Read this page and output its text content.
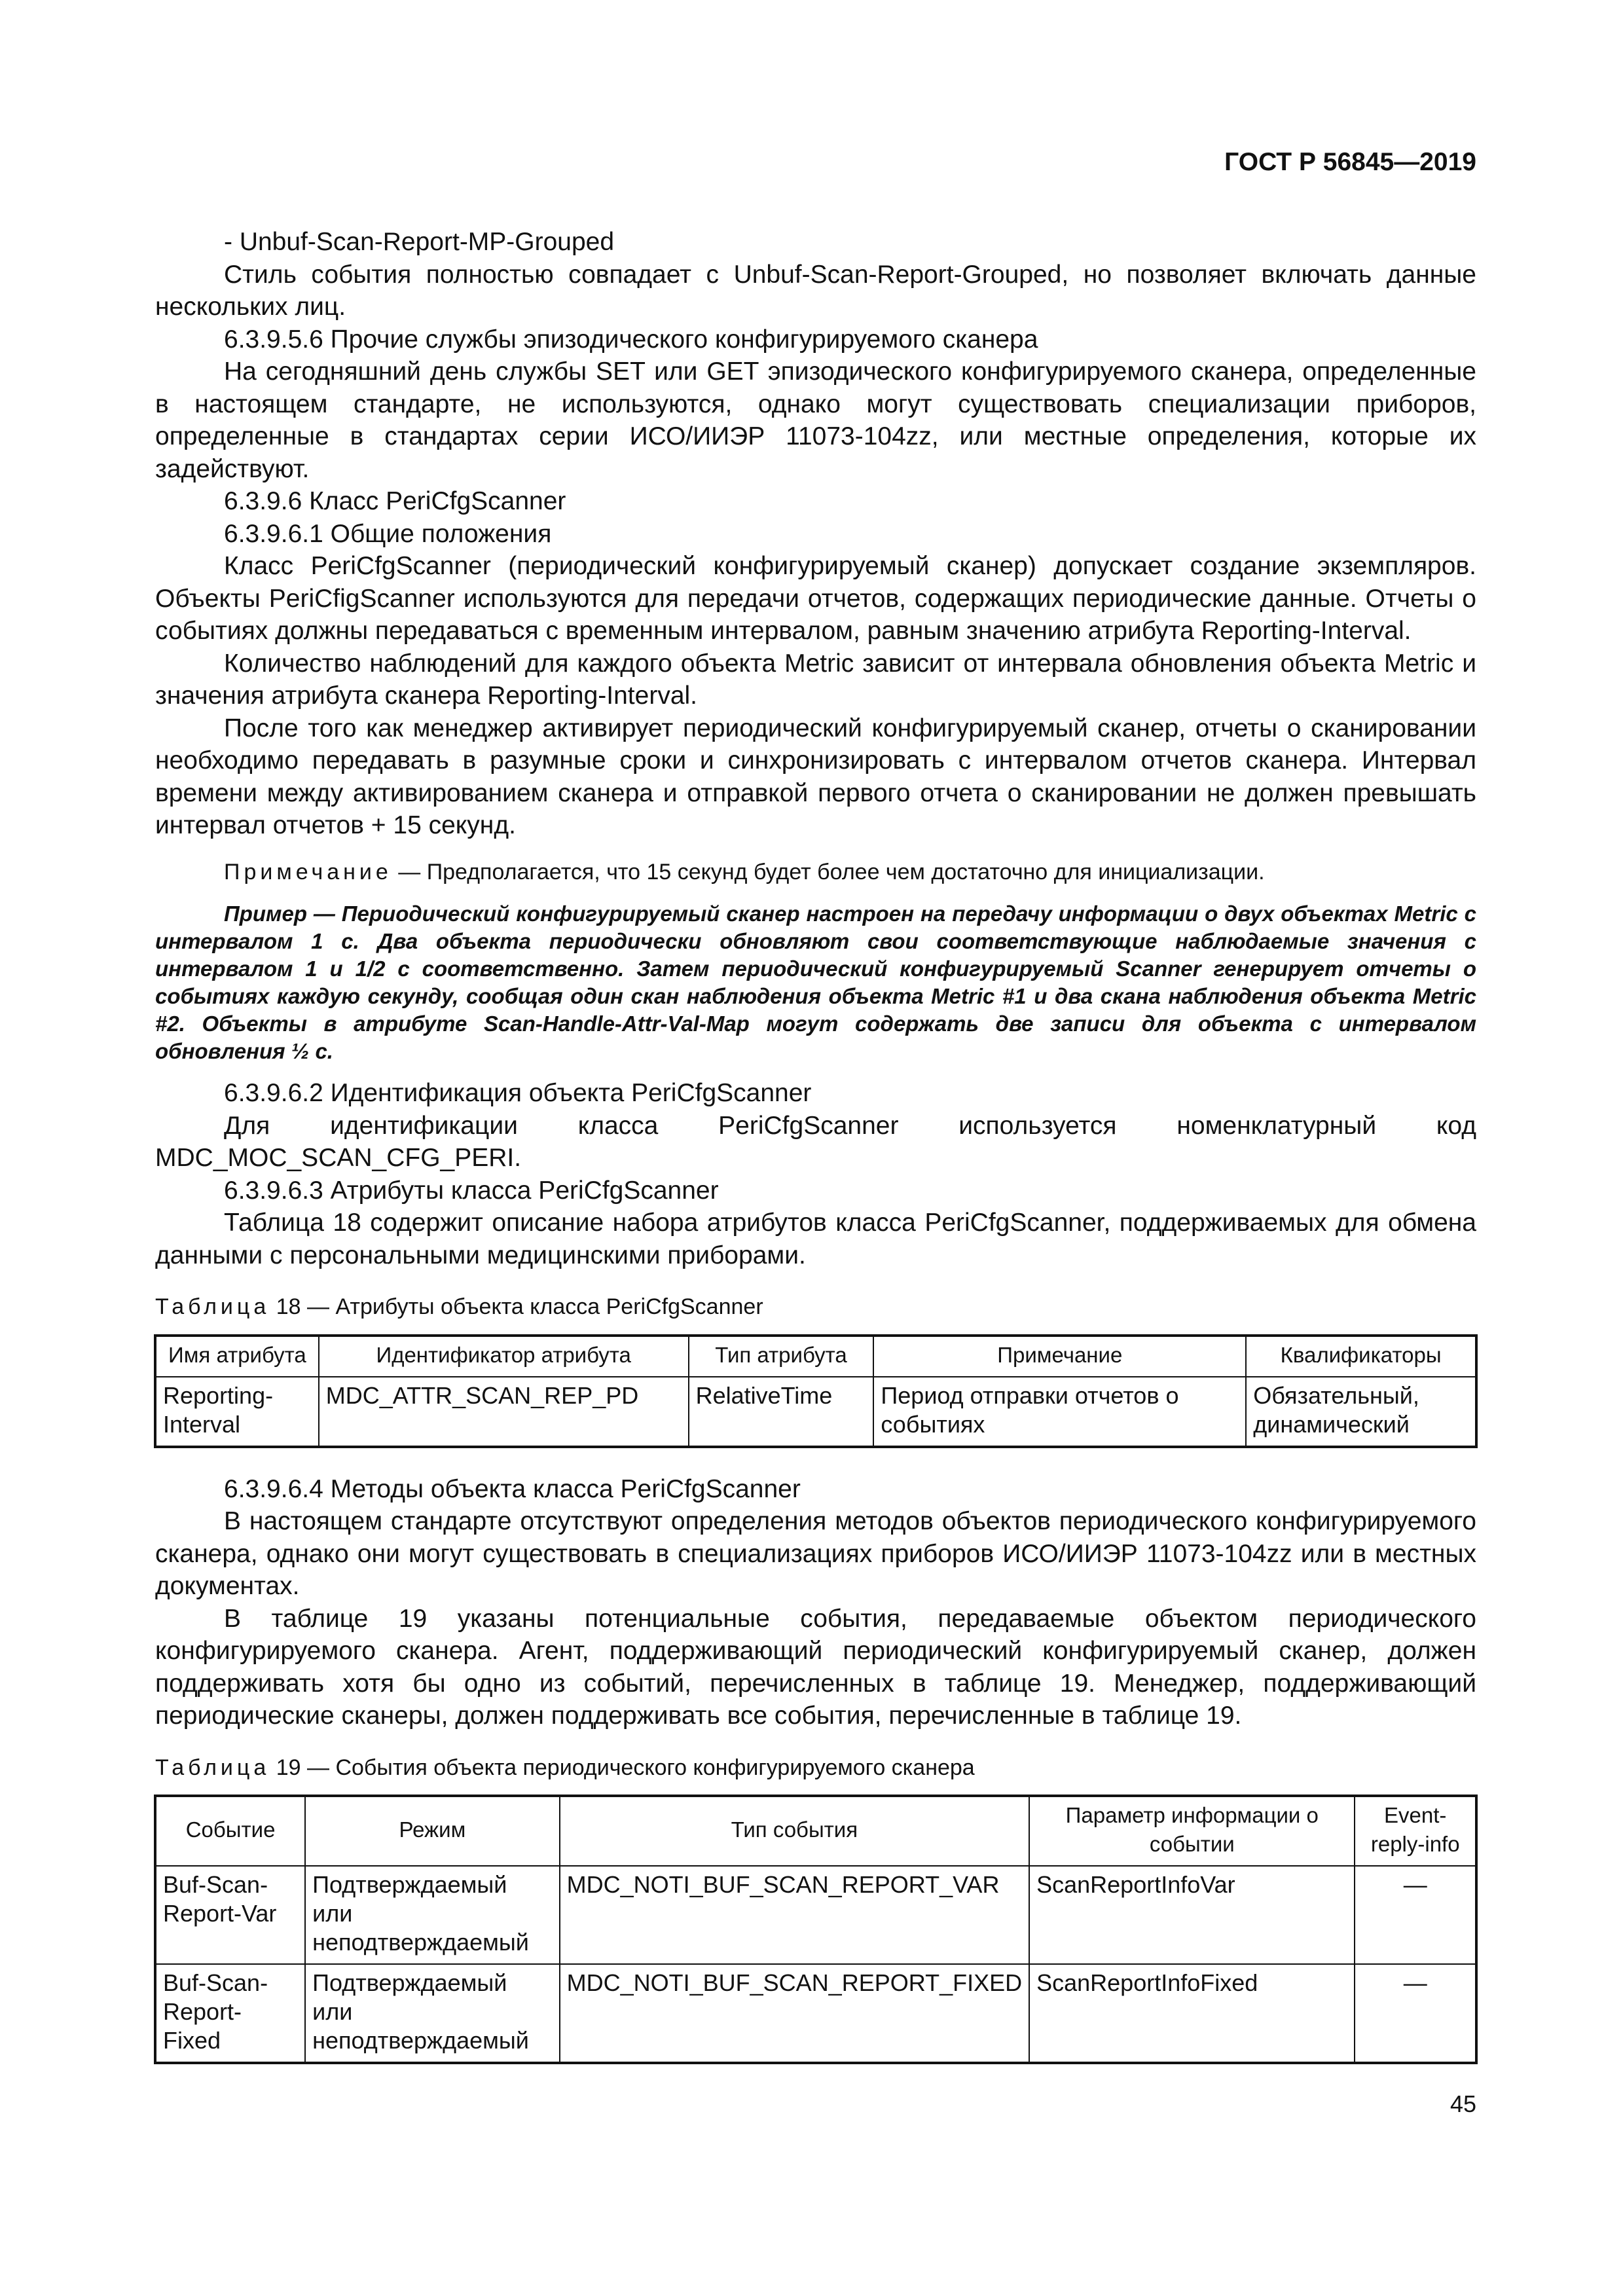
ГОСТ Р 56845—2019

- Unbuf-Scan-Report-MP-Grouped

Стиль события полностью совпадает с Unbuf-Scan-Report-Grouped, но позволяет включать данные нескольких лиц.

6.3.9.5.6 Прочие службы эпизодического конфигурируемого сканера

На сегодняшний день службы SET или GET эпизодического конфигурируемого сканера, определенные в настоящем стандарте, не используются, однако могут существовать специализации приборов, определенные в стандартах серии ИСО/ИИЭР 11073-104zz, или местные определения, которые их задействуют.

6.3.9.6 Класс PeriCfgScanner

6.3.9.6.1 Общие положения

Класс PeriCfgScanner (периодический конфигурируемый сканер) допускает создание экземпляров. Объекты PeriCfigScanner используются для передачи отчетов, содержащих периодические данные. Отчеты о событиях должны передаваться с временным интервалом, равным значению атрибута Reporting-Interval.

Количество наблюдений для каждого объекта Metric зависит от интервала обновления объекта Metric и значения атрибута сканера Reporting-Interval.

После того как менеджер активирует периодический конфигурируемый сканер, отчеты о сканировании необходимо передавать в разумные сроки и синхронизировать с интервалом отчетов сканера. Интервал времени между активированием сканера и отправкой первого отчета о сканировании не должен превышать интервал отчетов + 15 секунд.

Примечание — Предполагается, что 15 секунд будет более чем достаточно для инициализации.

Пример — Периодический конфигурируемый сканер настроен на передачу информации о двух объектах Metric с интервалом 1 с. Два объекта периодически обновляют свои соответствующие наблюдаемые значения с интервалом 1 и 1/2 с соответственно. Затем периодический конфигурируемый Scanner генерирует отчеты о событиях каждую секунду, сообщая один скан наблюдения объекта Metric #1 и два скана наблюдения объекта Metric #2. Объекты в атрибуте Scan-Handle-Attr-Val-Map могут содержать две записи для объекта с интервалом обновления ½ с.

6.3.9.6.2 Идентификация объекта PeriCfgScanner

Для идентификации класса PeriCfgScanner используется номенклатурный код MDC_MOC_SCAN_CFG_PERI.

6.3.9.6.3 Атрибуты класса PeriCfgScanner

Таблица 18 содержит описание набора атрибутов класса PeriCfgScanner, поддерживаемых для обмена данными с персональными медицинскими приборами.

Таблица 18 — Атрибуты объекта класса PeriCfgScanner

Имя атрибута	Идентификатор атрибута	Тип атрибута	Примечание	Квалификаторы
Reporting-Interval	MDC_ATTR_SCAN_REP_PD	RelativeTime	Период отправки отчетов о событиях	Обязательный, динамический

6.3.9.6.4 Методы объекта класса PeriCfgScanner

В настоящем стандарте отсутствуют определения методов объектов периодического конфигурируемого сканера, однако они могут существовать в специализациях приборов ИСО/ИИЭР 11073-104zz или в местных документах.

В таблице 19 указаны потенциальные события, передаваемые объектом периодического конфигурируемого сканера. Агент, поддерживающий периодический конфигурируемый сканер, должен поддерживать хотя бы одно из событий, перечисленных в таблице 19. Менеджер, поддерживающий периодические сканеры, должен поддерживать все события, перечисленные в таблице 19.

Таблица 19 — События объекта периодического конфигурируемого сканера

Событие	Режим	Тип события	Параметр информации о событии	Event-reply-info
Buf-Scan-Report-Var	Подтверждаемый или неподтверждаемый	MDC_NOTI_BUF_SCAN_REPORT_VAR	ScanReportInfoVar	—
Buf-Scan-Report-Fixed	Подтверждаемый или неподтверждаемый	MDC_NOTI_BUF_SCAN_REPORT_FIXED	ScanReportInfoFixed	—
45
